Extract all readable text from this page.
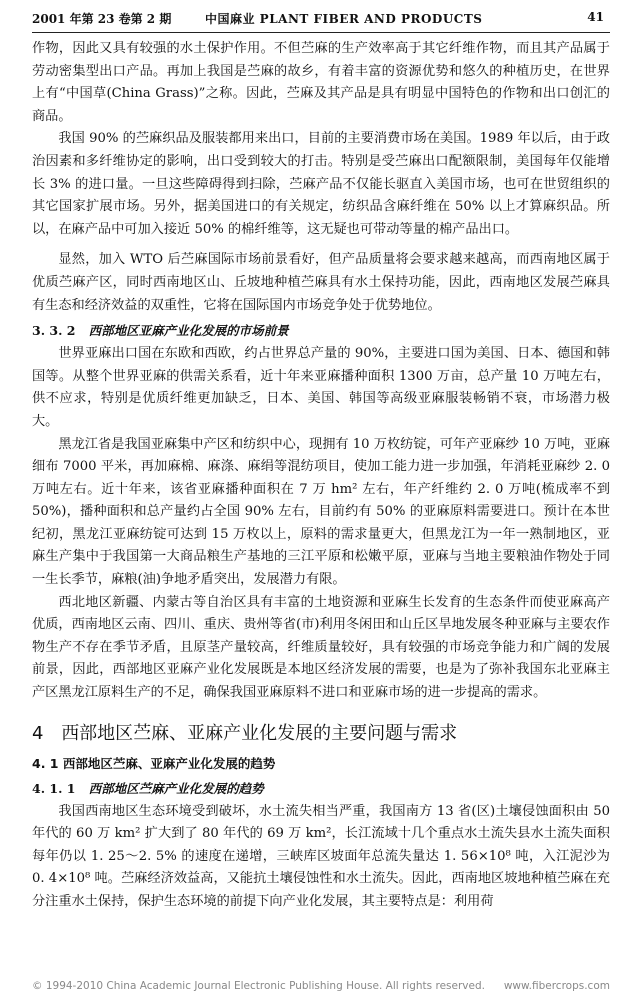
2001 年第 23 卷第 2 期	中国麻业 PLANT FIBER AND PRODUCTS	41

作物，因此又具有较强的水土保护作用。不但苎麻的生产效率高于其它纤维作物，而且其产品属于劳动密集型出口产品。再加上我国是苎麻的故乡，有着丰富的资源优势和悠久的种植历史，在世界上有“中国草(China Grass)”之称。因此，苎麻及其产品是具有明显中国特色的作物和出口创汇的商品。

我国 90% 的苎麻织品及服装都用来出口，目前的主要消费市场在美国。1989 年以后，由于政治因素和多纤维协定的影响，出口受到较大的打击。特别是受苎麻出口配额限制，美国每年仅能增长 3% 的进口量。一旦这些障碍得到扫除，苎麻产品不仅能长驱直入美国市场，也可在世贸组织的其它国家扩展市场。另外，据美国进口的有关规定，纺织品含麻纤维在 50% 以上才算麻织品。所以，在麻产品中可加入接近 50% 的棉纤维等，这无疑也可带动等量的棉产品出口。

显然，加入 WTO 后苎麻国际市场前景看好，但产品质量将会要求越来越高，而西南地区属于优质苎麻产区，同时西南地区山、丘坡地种植苎麻具有水土保持功能，因此，西南地区发展苎麻具有生态和经济效益的双重性，它将在国际国内市场竞争处于优势地位。

3. 3. 2 西部地区亚麻产业化发展的市场前景

世界亚麻出口国在东欧和西欧，约占世界总产量的 90%，主要进口国为美国、日本、德国和韩国等。从整个世界亚麻的供需关系看，近十年来亚麻播种面积 1300 万亩，总产量 10 万吨左右，供不应求，特别是优质纤维更加缺乏，日本、美国、韩国等高级亚麻服装畅销不衰，市场潜力极大。

黑龙江省是我国亚麻集中产区和纺织中心，现拥有 10 万枚纺锭，可年产亚麻纱 10 万吨，亚麻细布 7000 平米，再加麻棉、麻涤、麻绢等混纺项目，使加工能力进一步加强，年消耗亚麻纱 2. 0 万吨左右。近十年来，该省亚麻播种面积在 7 万 hm² 左右，年产纤维约 2. 0 万吨(梳成率不到 50%)，播种面积和总产量约占全国 90% 左右，目前约有 50% 的亚麻原料需要进口。预计在本世纪初，黑龙江亚麻纺锭可达到 15 万枚以上，原料的需求量更大，但黑龙江为一年一熟制地区，亚麻生产集中于我国第一大商品粮生产基地的三江平原和松嫩平原，亚麻与当地主要粮油作物处于同一生长季节，麻粮(油)争地矛盾突出，发展潜力有限。

西北地区新疆、内蒙古等自治区具有丰富的土地资源和亚麻生长发育的生态条件而使亚麻高产优质，西南地区云南、四川、重庆、贵州等省(市)利用冬闲田和山丘区旱地发展冬种亚麻与主要农作物生产不存在季节矛盾，且原茎产量较高，纤维质量较好，具有较强的市场竞争能力和广阔的发展前景，因此，西部地区亚麻产业化发展既是本地区经济发展的需要，也是为了弥补我国东北亚麻主产区黑龙江原料生产的不足，确保我国亚麻原料不进口和亚麻市场的进一步提高的需求。

4 西部地区苎麻、亚麻产业化发展的主要问题与需求
4. 1 西部地区苎麻、亚麻产业化发展的趋势
4. 1. 1 西部地区苎麻产业化发展的趋势

我国西南地区生态环境受到破坏，水土流失相当严重，我国南方 13 省(区)土壤侵蚀面积由 50 年代的 60 万 km² 扩大到了 80 年代的 69 万 km²，长江流域十几个重点水土流失县水土流失面积每年仍以 1. 25～2. 5% 的速度在递增，三峡库区坡面年总流失量达 1. 56×10⁸ 吨，入江泥沙为 0. 4×10⁸ 吨。苎麻经济效益高，又能抗土壤侵蚀性和水土流失。因此，西南地区坡地种植苎麻在充分注重水土保持，保护生态环境的前提下向产业化发展，其主要特点是：利用荷

© 1994-2010 China Academic Journal Electronic Publishing House. All rights reserved. www.fibercrops.com
